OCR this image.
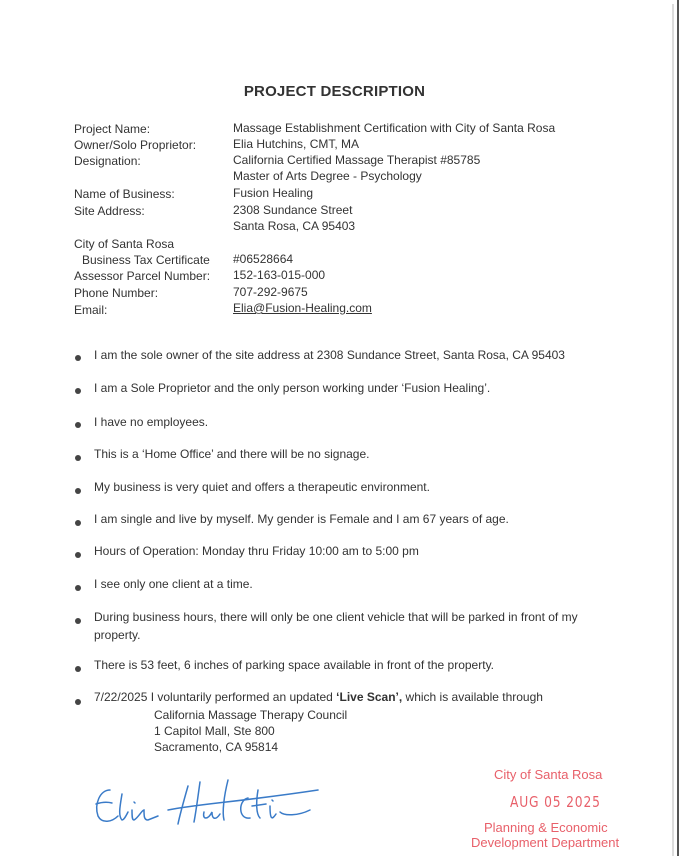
PROJECT DESCRIPTION
Project Name:	Massage Establishment Certification with City of Santa Rosa
Owner/Solo Proprietor:	Elia Hutchins, CMT, MA
Designation:	California Certified Massage Therapist #85785
Master of Arts Degree - Psychology
Name of Business:	Fusion Healing
Site Address:	2308 Sundance Street
Santa Rosa, CA 95403
City of Santa Rosa
Business Tax Certificate #06528664
Assessor Parcel Number: 152-163-015-000
Phone Number:	707-292-9675
Email:	Elia@Fusion-Healing.com
I am the sole owner of the site address at 2308 Sundance Street, Santa Rosa, CA 95403
I am a Sole Proprietor and the only person working under ‘Fusion Healing’.
I have no employees.
This is a ‘Home Office’ and there will be no signage.
My business is very quiet and offers a therapeutic environment.
I am single and live by myself. My gender is Female and I am 67 years of age.
Hours of Operation: Monday thru Friday 10:00 am to 5:00 pm
I see only one client at a time.
During business hours, there will only be one client vehicle that will be parked in front of my property.
There is 53 feet, 6 inches of parking space available in front of the property.
7/22/2025 I voluntarily performed an updated ‘Live Scan’, which is available through
California Massage Therapy Council
1 Capitol Mall, Ste 800
Sacramento, CA 95814
City of Santa Rosa
AUG 05 2025
Planning & Economic
Development Department
